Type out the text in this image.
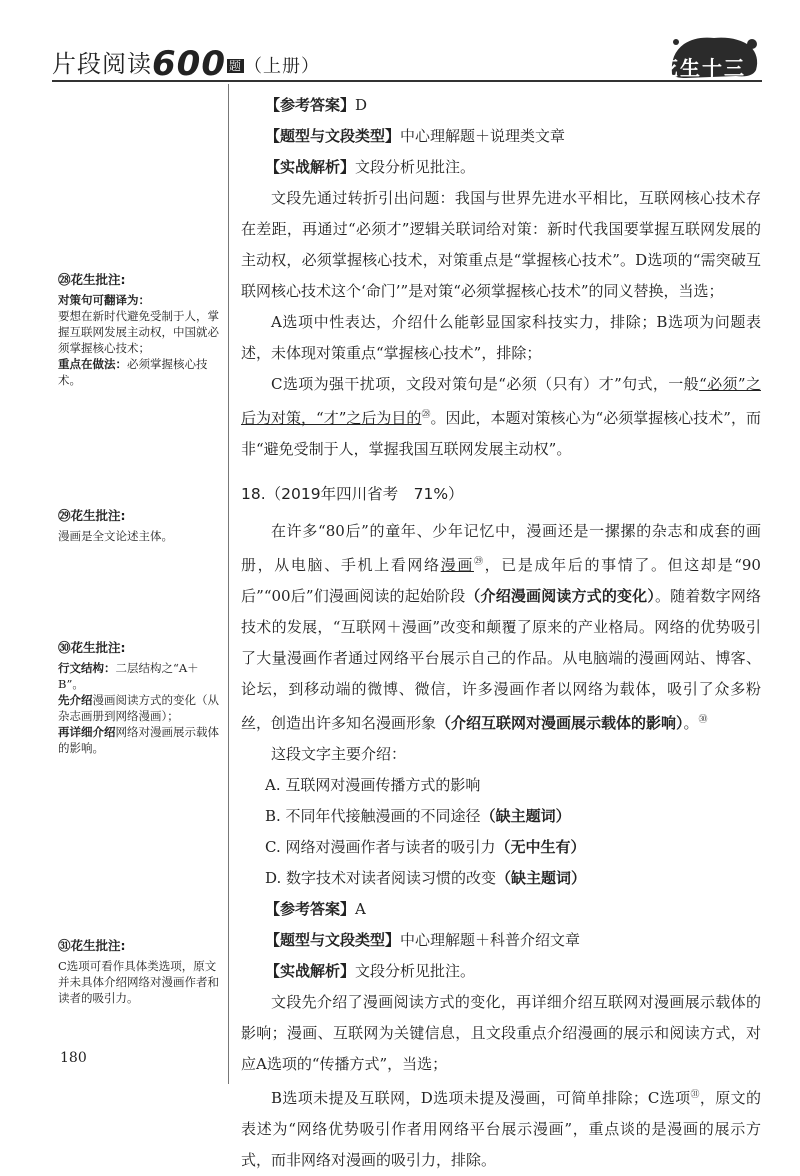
片段阅读600 题 （上册）	花生十三

【参考答案】D

【题型与文段类型】中心理解题＋说理类文章

【实战解析】文段分析见批注。

文段先通过转折引出问题：我国与世界先进水平相比，互联网核心技术存在差距，再通过“必须才”逻辑关联词给对策：新时代我国要掌握互联网发展的主动权，必须掌握核心技术，对策重点是“掌握核心技术”。D选项的“需突破互联网核心技术这个‘命门’”是对策“必须掌握核心技术”的同义替换，当选；

A选项中性表达，介绍什么能彰显国家科技实力，排除；B选项为问题表述，未体现对策重点“掌握核心技术”，排除；

C选项为强干扰项，文段对策句是“必须（只有）才”句式，一般“必须”之后为对策，“才”之后为目的$^㉘$。因此，本题对策核心为“必须掌握核心技术”，而非“避免受制于人，掌握我国互联网发展主动权”。

18.（2019年四川省考　71%）

在许多“80后”的童年、少年记忆中，漫画还是一摞摞的杂志和成套的画册，从电脑、手机上看网络漫画$^㉙$，已是成年后的事情了。但这却是“90后”“00后”们漫画阅读的起始阶段（介绍漫画阅读方式的变化）。随着数字网络技术的发展，“互联网＋漫画”改变和颠覆了原来的产业格局。网络的优势吸引了大量漫画作者通过网络平台展示自己的作品。从电脑端的漫画网站、博客、论坛，到移动端的微博、微信，许多漫画作者以网络为载体，吸引了众多粉丝，创造出许多知名漫画形象（介绍互联网对漫画展示载体的影响）。$^㉚$

这段文字主要介绍：

A. 互联网对漫画传播方式的影响

B. 不同年代接触漫画的不同途径（缺主题词）

C. 网络对漫画作者与读者的吸引力（无中生有）

D. 数字技术对读者阅读习惯的改变（缺主题词）

【参考答案】A

【题型与文段类型】中心理解题＋科普介绍文章

【实战解析】文段分析见批注。

文段先介绍了漫画阅读方式的变化，再详细介绍互联网对漫画展示载体的影响；漫画、互联网为关键信息，且文段重点介绍漫画的展示和阅读方式，对应A选项的“传播方式”，当选；

B选项未提及互联网，D选项未提及漫画，可简单排除；C选项$^㉛$，原文的表述为“网络优势吸引作者用网络平台展示漫画”，重点谈的是漫画的展示方式，而非网络对漫画的吸引力，排除。

㉘花生批注:
对策句可翻译为：
要想在新时代避免受制于人，掌握互联网发展主动权，中国就必须掌握核心技术；
重点在做法：必须掌握核心技术。
㉙花生批注:
漫画是全文论述主体。
㉚花生批注:
行文结构：二层结构之“A＋B”。
先介绍漫画阅读方式的变化（从杂志画册到网络漫画）；
再详细介绍网络对漫画展示载体的影响。
㉛花生批注:
C选项可看作具体类选项，原文并未具体介绍网络对漫画作者和读者的吸引力。
180
